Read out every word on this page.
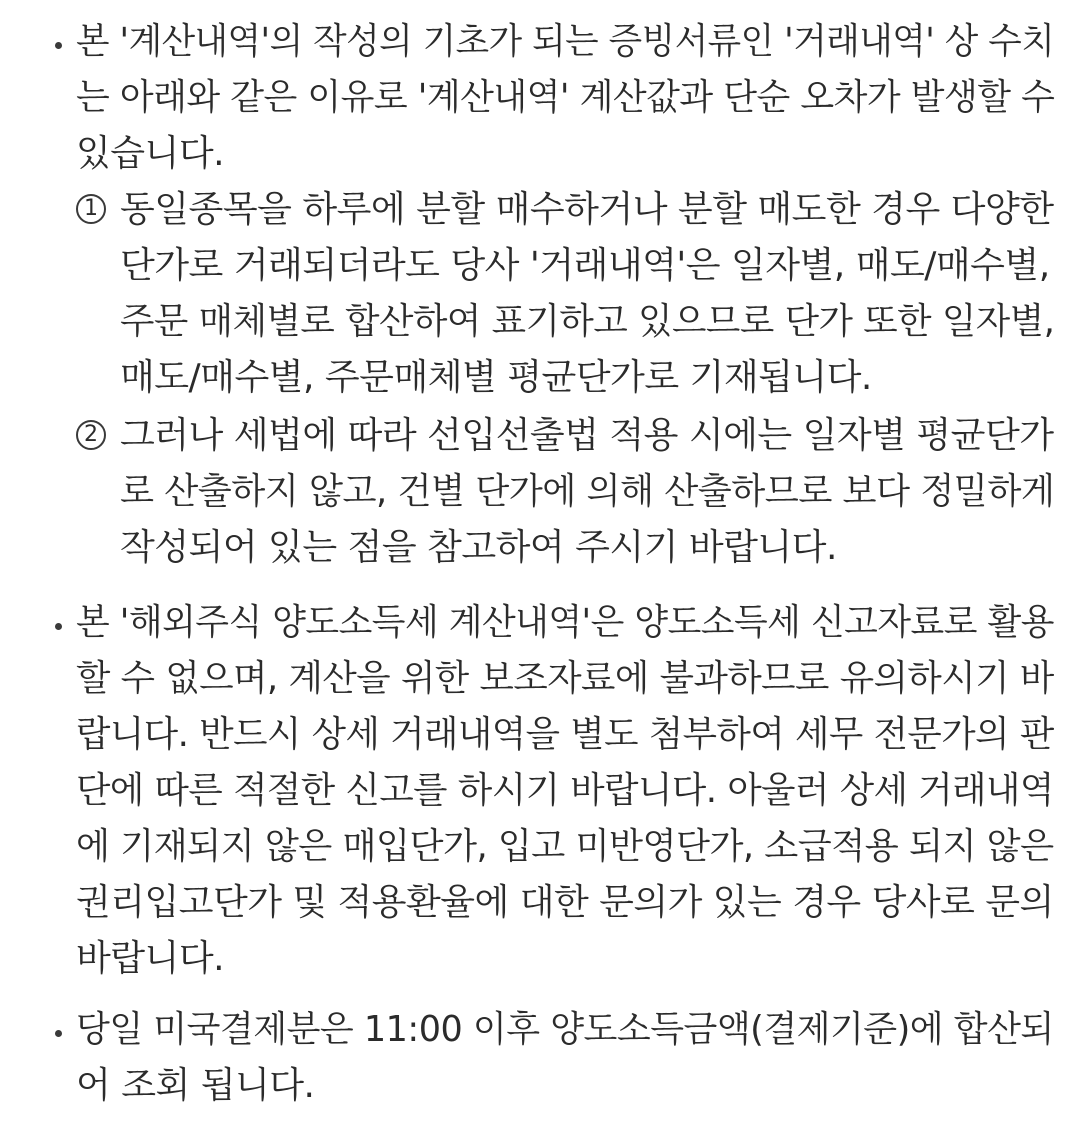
본 '계산내역'의 작성의 기초가 되는 증빙서류인 '거래내역' 상 수치
는 아래와 같은 이유로 '계산내역' 계산값과 단순 오차가 발생할 수
있습니다.
1 동일종목을 하루에 분할 매수하거나 분할 매도한 경우 다양한
단가로 거래되더라도 당사 '거래내역'은 일자별, 매도/매수별,
주문 매체별로 합산하여 표기하고 있으므로 단가 또한 일자별,
매도/매수별, 주문매체별 평균단가로 기재됩니다.
2 그러나 세법에 따라 선입선출법 적용 시에는 일자별 평균단가
로 산출하지 않고, 건별 단가에 의해 산출하므로 보다 정밀하게
작성되어 있는 점을 참고하여 주시기 바랍니다.
본 '해외주식 양도소득세 계산내역'은 양도소득세 신고자료로 활용
할 수 없으며, 계산을 위한 보조자료에 불과하므로 유의하시기 바
랍니다. 반드시 상세 거래내역을 별도 첨부하여 세무 전문가의 판
단에 따른 적절한 신고를 하시기 바랍니다. 아울러 상세 거래내역
에 기재되지 않은 매입단가, 입고 미반영단가, 소급적용 되지 않은
권리입고단가 및 적용환율에 대한 문의가 있는 경우 당사로 문의
바랍니다.
당일 미국결제분은 11:00 이후 양도소득금액(결제기준)에 합산되
어 조회 됩니다.
